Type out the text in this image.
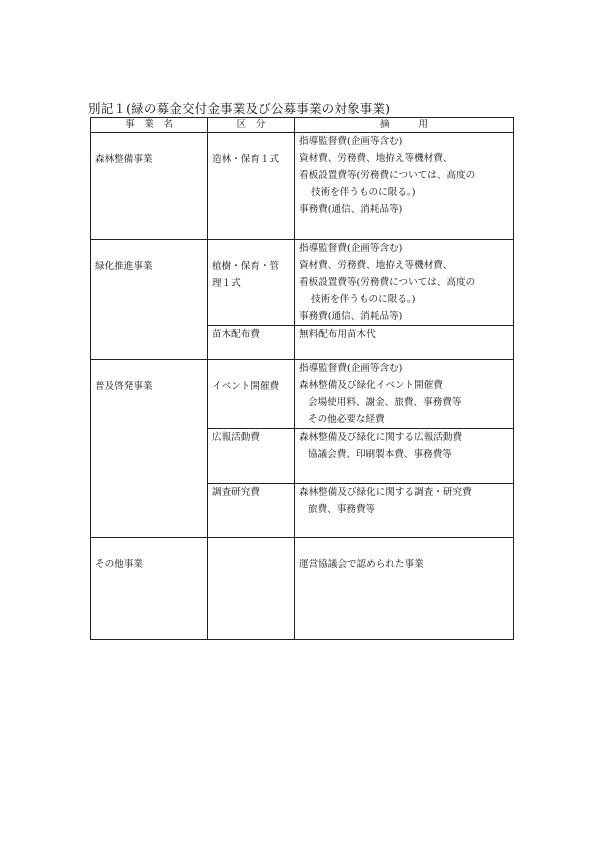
別記１(緑の募金交付金事業及び公募事業の対象事業)
事　業　名	区　分	摘　　　用
森林整備事業	造林・保育１式	指導監督費(企画等含む)
資材費、労務費、地拵え等機材費、
看板設置費等(労務費については、高度の
技術を伴うものに限る。)
事務費(通信、消耗品等)

緑化推進事業	植樹・保育・管
理１式	指導監督費(企画等含む)
資材費、労務費、地拵え等機材費、
看板設置費等(労務費については、高度の
技術を伴うものに限る。)
事務費(通信、消耗品等)

	苗木配布費	無料配布用苗木代

普及啓発事業	イベント開催費	指導監督費(企画等含む)
森林整備及び緑化イベント開催費
会場使用料、謝金、旅費、事務費等
その他必要な経費

	広報活動費	森林整備及び緑化に関する広報活動費
協議会費、印刷製本費、事務費等

	調査研究費	森林整備及び緑化に関する調査・研究費
旅費、事務費等

その他事業		運営協議会で認められた事業
